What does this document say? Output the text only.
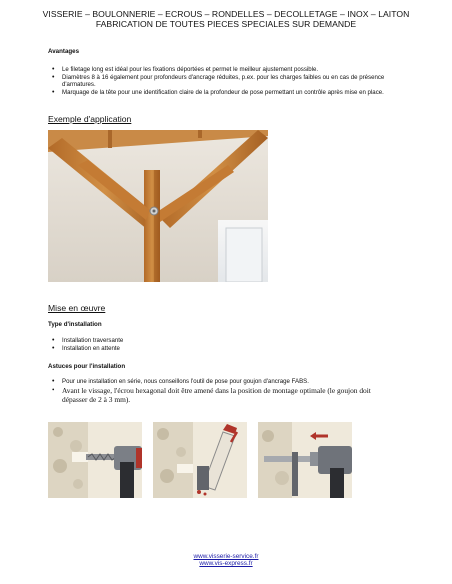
VISSERIE – BOULONNERIE – ECROUS – RONDELLES – DECOLLETAGE – INOX – LAITON
FABRICATION DE TOUTES PIECES SPECIALES SUR DEMANDE
Avantages
• Le filetage long est idéal pour les fixations déportées et permet le meilleur ajustement possible.
• Diamètres 8 à 16 également pour profondeurs d'ancrage réduites, p.ex. pour les charges faibles ou en cas de présence d'armatures.
• Marquage de la tête pour une identification claire de la profondeur de pose permettant un contrôle après mise en place.
Exemple d'application
Mise en œuvre
Type d'installation
• Installation traversante
• Installation en attente
Astuces pour l'installation
• Pour une installation en série, nous conseillons l'outil de pose pour goujon d'ancrage FABS.
• Avant le vissage, l'écrou hexagonal doit être amené dans la position de montage optimale (le goujon doit dépasser de 2 à 3 mm).
www.visserie-service.fr
www.vis-express.fr
